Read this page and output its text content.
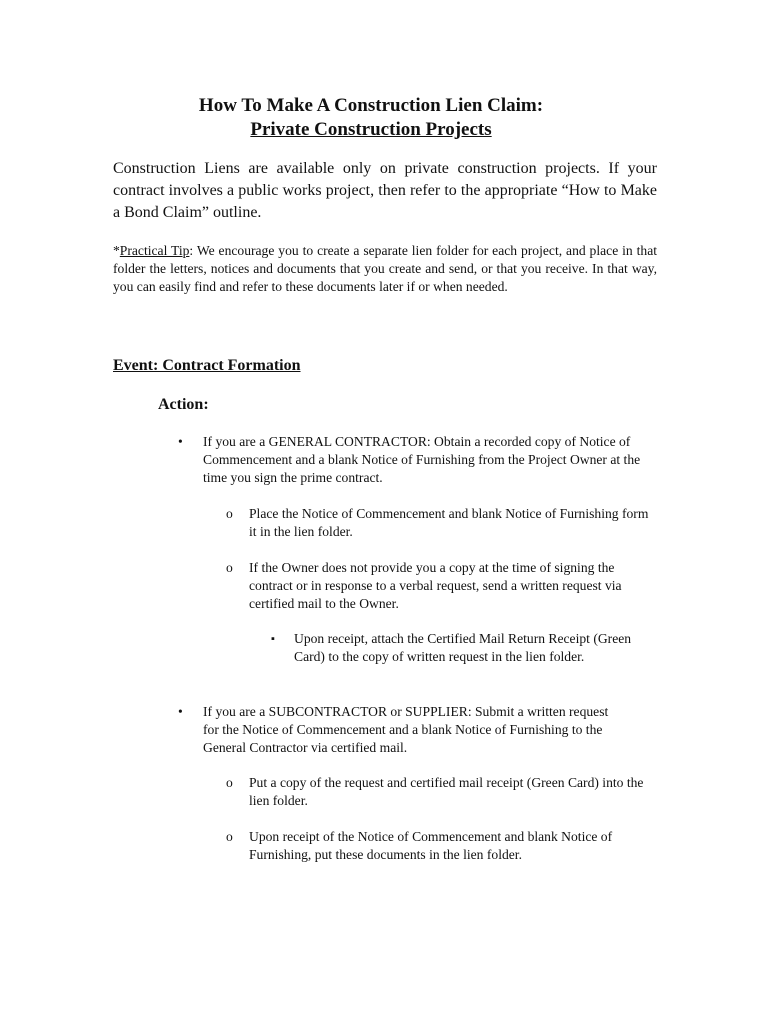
How To Make A Construction Lien Claim:
Private Construction Projects
Construction Liens are available only on private construction projects. If your contract involves a public works project, then refer to the appropriate “How to Make a Bond Claim” outline.
*Practical Tip: We encourage you to create a separate lien folder for each project, and place in that folder the letters, notices and documents that you create and send, or that you receive. In that way, you can easily find and refer to these documents later if or when needed.
Event: Contract Formation
Action:
• If you are a GENERAL CONTRACTOR: Obtain a recorded copy of Notice of Commencement and a blank Notice of Furnishing from the Project Owner at the time you sign the prime contract.
o Place the Notice of Commencement and blank Notice of Furnishing form it in the lien folder.
o If the Owner does not provide you a copy at the time of signing the contract or in response to a verbal request, send a written request via certified mail to the Owner.
▪ Upon receipt, attach the Certified Mail Return Receipt (Green Card) to the copy of written request in the lien folder.
• If you are a SUBCONTRACTOR or SUPPLIER: Submit a written request for the Notice of Commencement and a blank Notice of Furnishing to the General Contractor via certified mail.
o Put a copy of the request and certified mail receipt (Green Card) into the lien folder.
o Upon receipt of the Notice of Commencement and blank Notice of Furnishing, put these documents in the lien folder.
